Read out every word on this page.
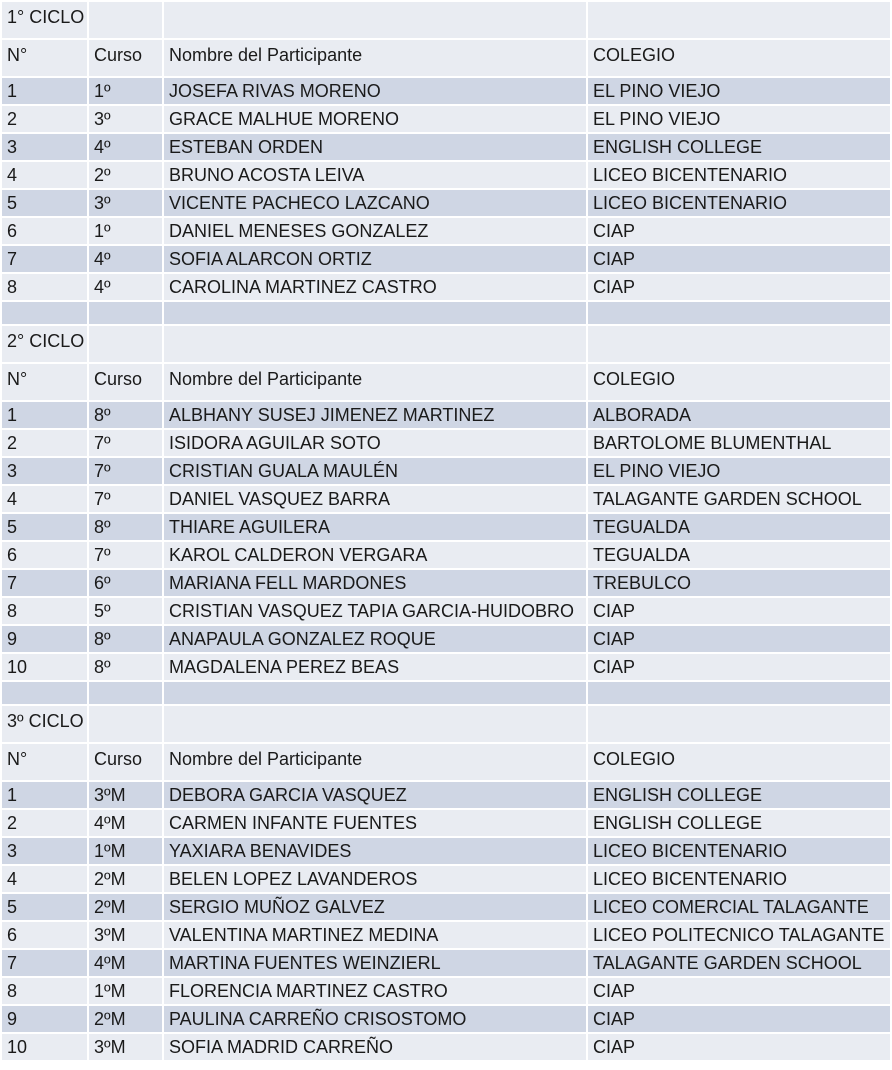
1° CICLO
N°	Curso	Nombre del Participante	COLEGIO
1	1º	JOSEFA RIVAS MORENO	EL PINO VIEJO
2	3º	GRACE MALHUE MORENO	EL PINO VIEJO
3	4º	ESTEBAN ORDEN	ENGLISH COLLEGE
4	2º	BRUNO ACOSTA LEIVA	LICEO BICENTENARIO
5	3º	VICENTE PACHECO LAZCANO	LICEO BICENTENARIO
6	1º	DANIEL MENESES GONZALEZ	CIAP
7	4º	SOFIA ALARCON ORTIZ	CIAP
8	4º	CAROLINA MARTINEZ CASTRO	CIAP
2° CICLO
N°	Curso	Nombre del Participante	COLEGIO
1	8º	ALBHANY SUSEJ JIMENEZ MARTINEZ	ALBORADA
2	7º	ISIDORA AGUILAR SOTO	BARTOLOME BLUMENTHAL
3	7º	CRISTIAN GUALA MAULÉN	EL PINO VIEJO
4	7º	DANIEL VASQUEZ BARRA	TALAGANTE GARDEN SCHOOL
5	8º	THIARE AGUILERA	TEGUALDA
6	7º	KAROL CALDERON VERGARA	TEGUALDA
7	6º	MARIANA FELL MARDONES	TREBULCO
8	5º	CRISTIAN VASQUEZ TAPIA GARCIA-HUIDOBRO	CIAP
9	8º	ANAPAULA GONZALEZ ROQUE	CIAP
10	8º	MAGDALENA PEREZ BEAS	CIAP
3º CICLO
N°	Curso	Nombre del Participante	COLEGIO
1	3ºM	DEBORA GARCIA VASQUEZ	ENGLISH COLLEGE
2	4ºM	CARMEN INFANTE FUENTES	ENGLISH COLLEGE
3	1ºM	YAXIARA BENAVIDES	LICEO BICENTENARIO
4	2ºM	BELEN LOPEZ LAVANDEROS	LICEO BICENTENARIO
5	2ºM	SERGIO MUÑOZ GALVEZ	LICEO COMERCIAL TALAGANTE
6	3ºM	VALENTINA MARTINEZ MEDINA	LICEO POLITECNICO TALAGANTE
7	4ºM	MARTINA FUENTES WEINZIERL	TALAGANTE GARDEN SCHOOL
8	1ºM	FLORENCIA MARTINEZ CASTRO	CIAP
9	2ºM	PAULINA CARREÑO CRISOSTOMO	CIAP
10	3ºM	SOFIA MADRID CARREÑO	CIAP
